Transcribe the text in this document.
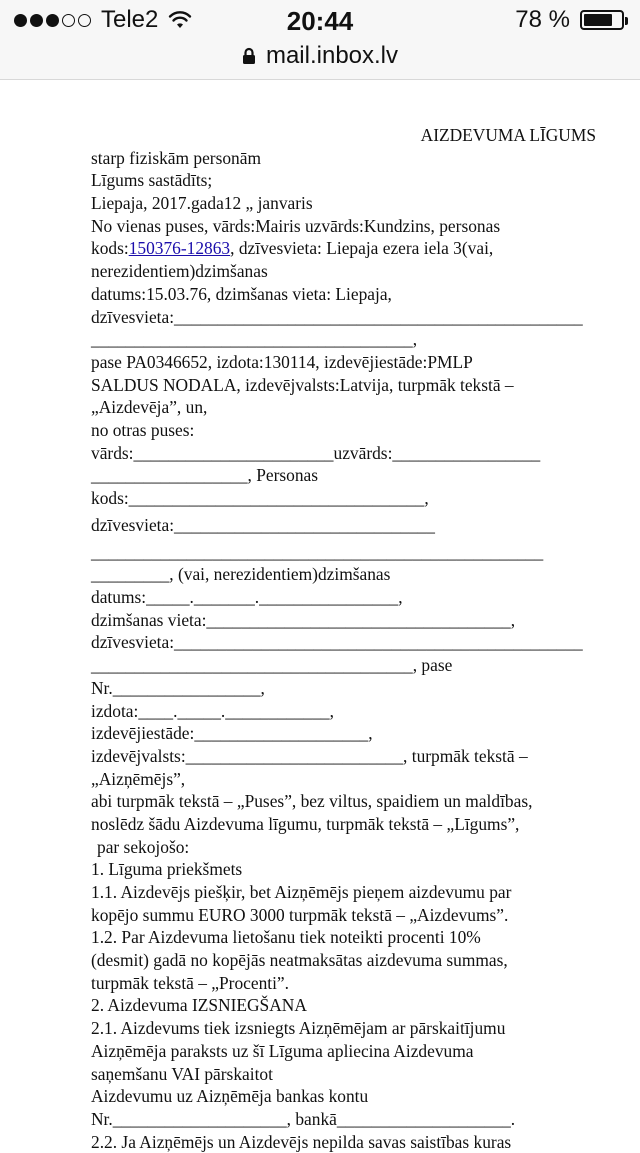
Tele2	20:44	78 %
mail.inbox.lv
AIZDEVUMA LĪGUMS
starp fiziskām personām
Līgums sastādīts;
Liepaja, 2017.gada12 „ janvaris
No vienas puses, vārds:Mairis uzvārds:Kundzins, personas
kods:150376-12863, dzīvesvieta: Liepaja ezera iela 3(vai,
nerezidentiem)dzimšanas
datums:15.03.76, dzimšanas vieta: Liepaja,
dzīvesvieta:_______________________________________________
_____________________________________,
pase PA0346652, izdota:130114, izdevējiestāde:PMLP
SALDUS NODALA, izdevējvalsts:Latvija, turpmāk tekstā –
„Aizdevēja”, un,
no otras puses:
vārds:_______________________uzvārds:_________________
__________________, Personas
kods:__________________________________,
dzīvesvieta:______________________________
____________________________________________________
_________, (vai, nerezidentiem)dzimšanas
datums:_____._______.________________,
dzimšanas vieta:___________________________________,
dzīvesvieta:_______________________________________________
_____________________________________, pase
Nr._________________,
izdota:____._____.____________,
izdevējiestāde:____________________,
izdevējvalsts:_________________________, turpmāk tekstā –
„Aizņēmējs”,
abi turpmāk tekstā – „Puses”, bez viltus, spaidiem un maldības,
noslēdz šādu Aizdevuma līgumu, turpmāk tekstā – „Līgums”,
par sekojošo:
1. Līguma priekšmets
1.1. Aizdevējs piešķir, bet Aizņēmējs pieņem aizdevumu par
kopējo summu EURO 3000 turpmāk tekstā – „Aizdevums”.
1.2. Par Aizdevuma lietošanu tiek noteikti procenti 10%
(desmit) gadā no kopējās neatmaksātas aizdevuma summas,
turpmāk tekstā – „Procenti”.
2. Aizdevuma IZSNIEGŠANA
2.1. Aizdevums tiek izsniegts Aizņēmējam ar pārskaitījumu
Aizņēmēja paraksts uz šī Līguma apliecina Aizdevuma
saņemšanu VAI pārskaitot
Aizdevumu uz Aizņēmēja bankas kontu
Nr.____________________, bankā____________________.
2.2. Ja Aizņēmējs un Aizdevējs nepilda savas saistības kuras
